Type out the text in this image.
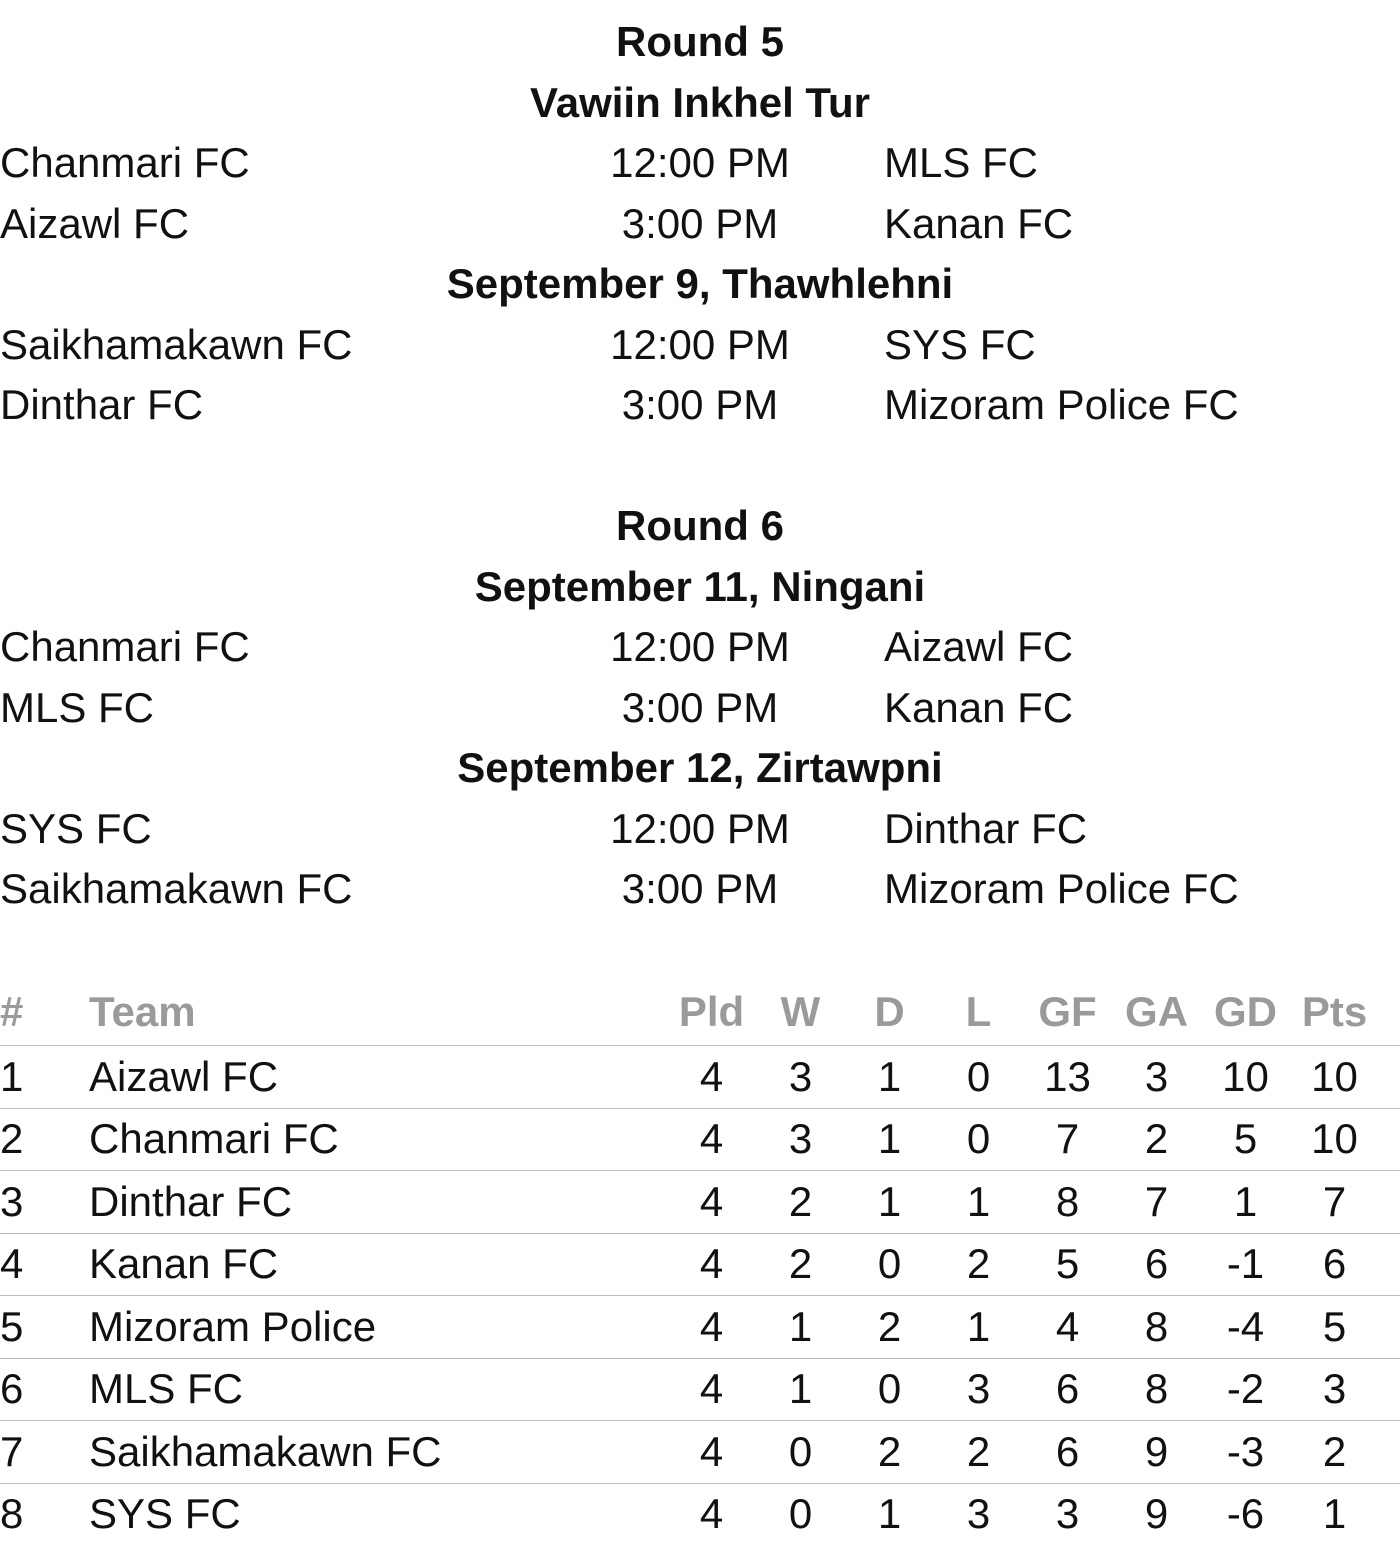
Round 5
Vawiin Inkhel Tur
Chanmari FC	12:00 PM	MLS FC
Aizawl FC	3:00 PM	Kanan FC
September 9, Thawhlehni
Saikhamakawn FC	12:00 PM	SYS FC
Dinthar FC	3:00 PM	Mizoram Police FC
Round 6
September 11, Ningani
Chanmari FC	12:00 PM	Aizawl FC
MLS FC	3:00 PM	Kanan FC
September 12, Zirtawpni
SYS FC	12:00 PM	Dinthar FC
Saikhamakawn FC	3:00 PM	Mizoram Police FC
#	Team	Pld	W	D	L	GF	GA	GD	Pts
1	Aizawl FC	4	3	1	0	13	3	10	10
2	Chanmari FC	4	3	1	0	7	2	5	10
3	Dinthar FC	4	2	1	1	8	7	1	7
4	Kanan FC	4	2	0	2	5	6	-1	6
5	Mizoram Police	4	1	2	1	4	8	-4	5
6	MLS FC	4	1	0	3	6	8	-2	3
7	Saikhamakawn FC	4	0	2	2	6	9	-3	2
8	SYS FC	4	0	1	3	3	9	-6	1
